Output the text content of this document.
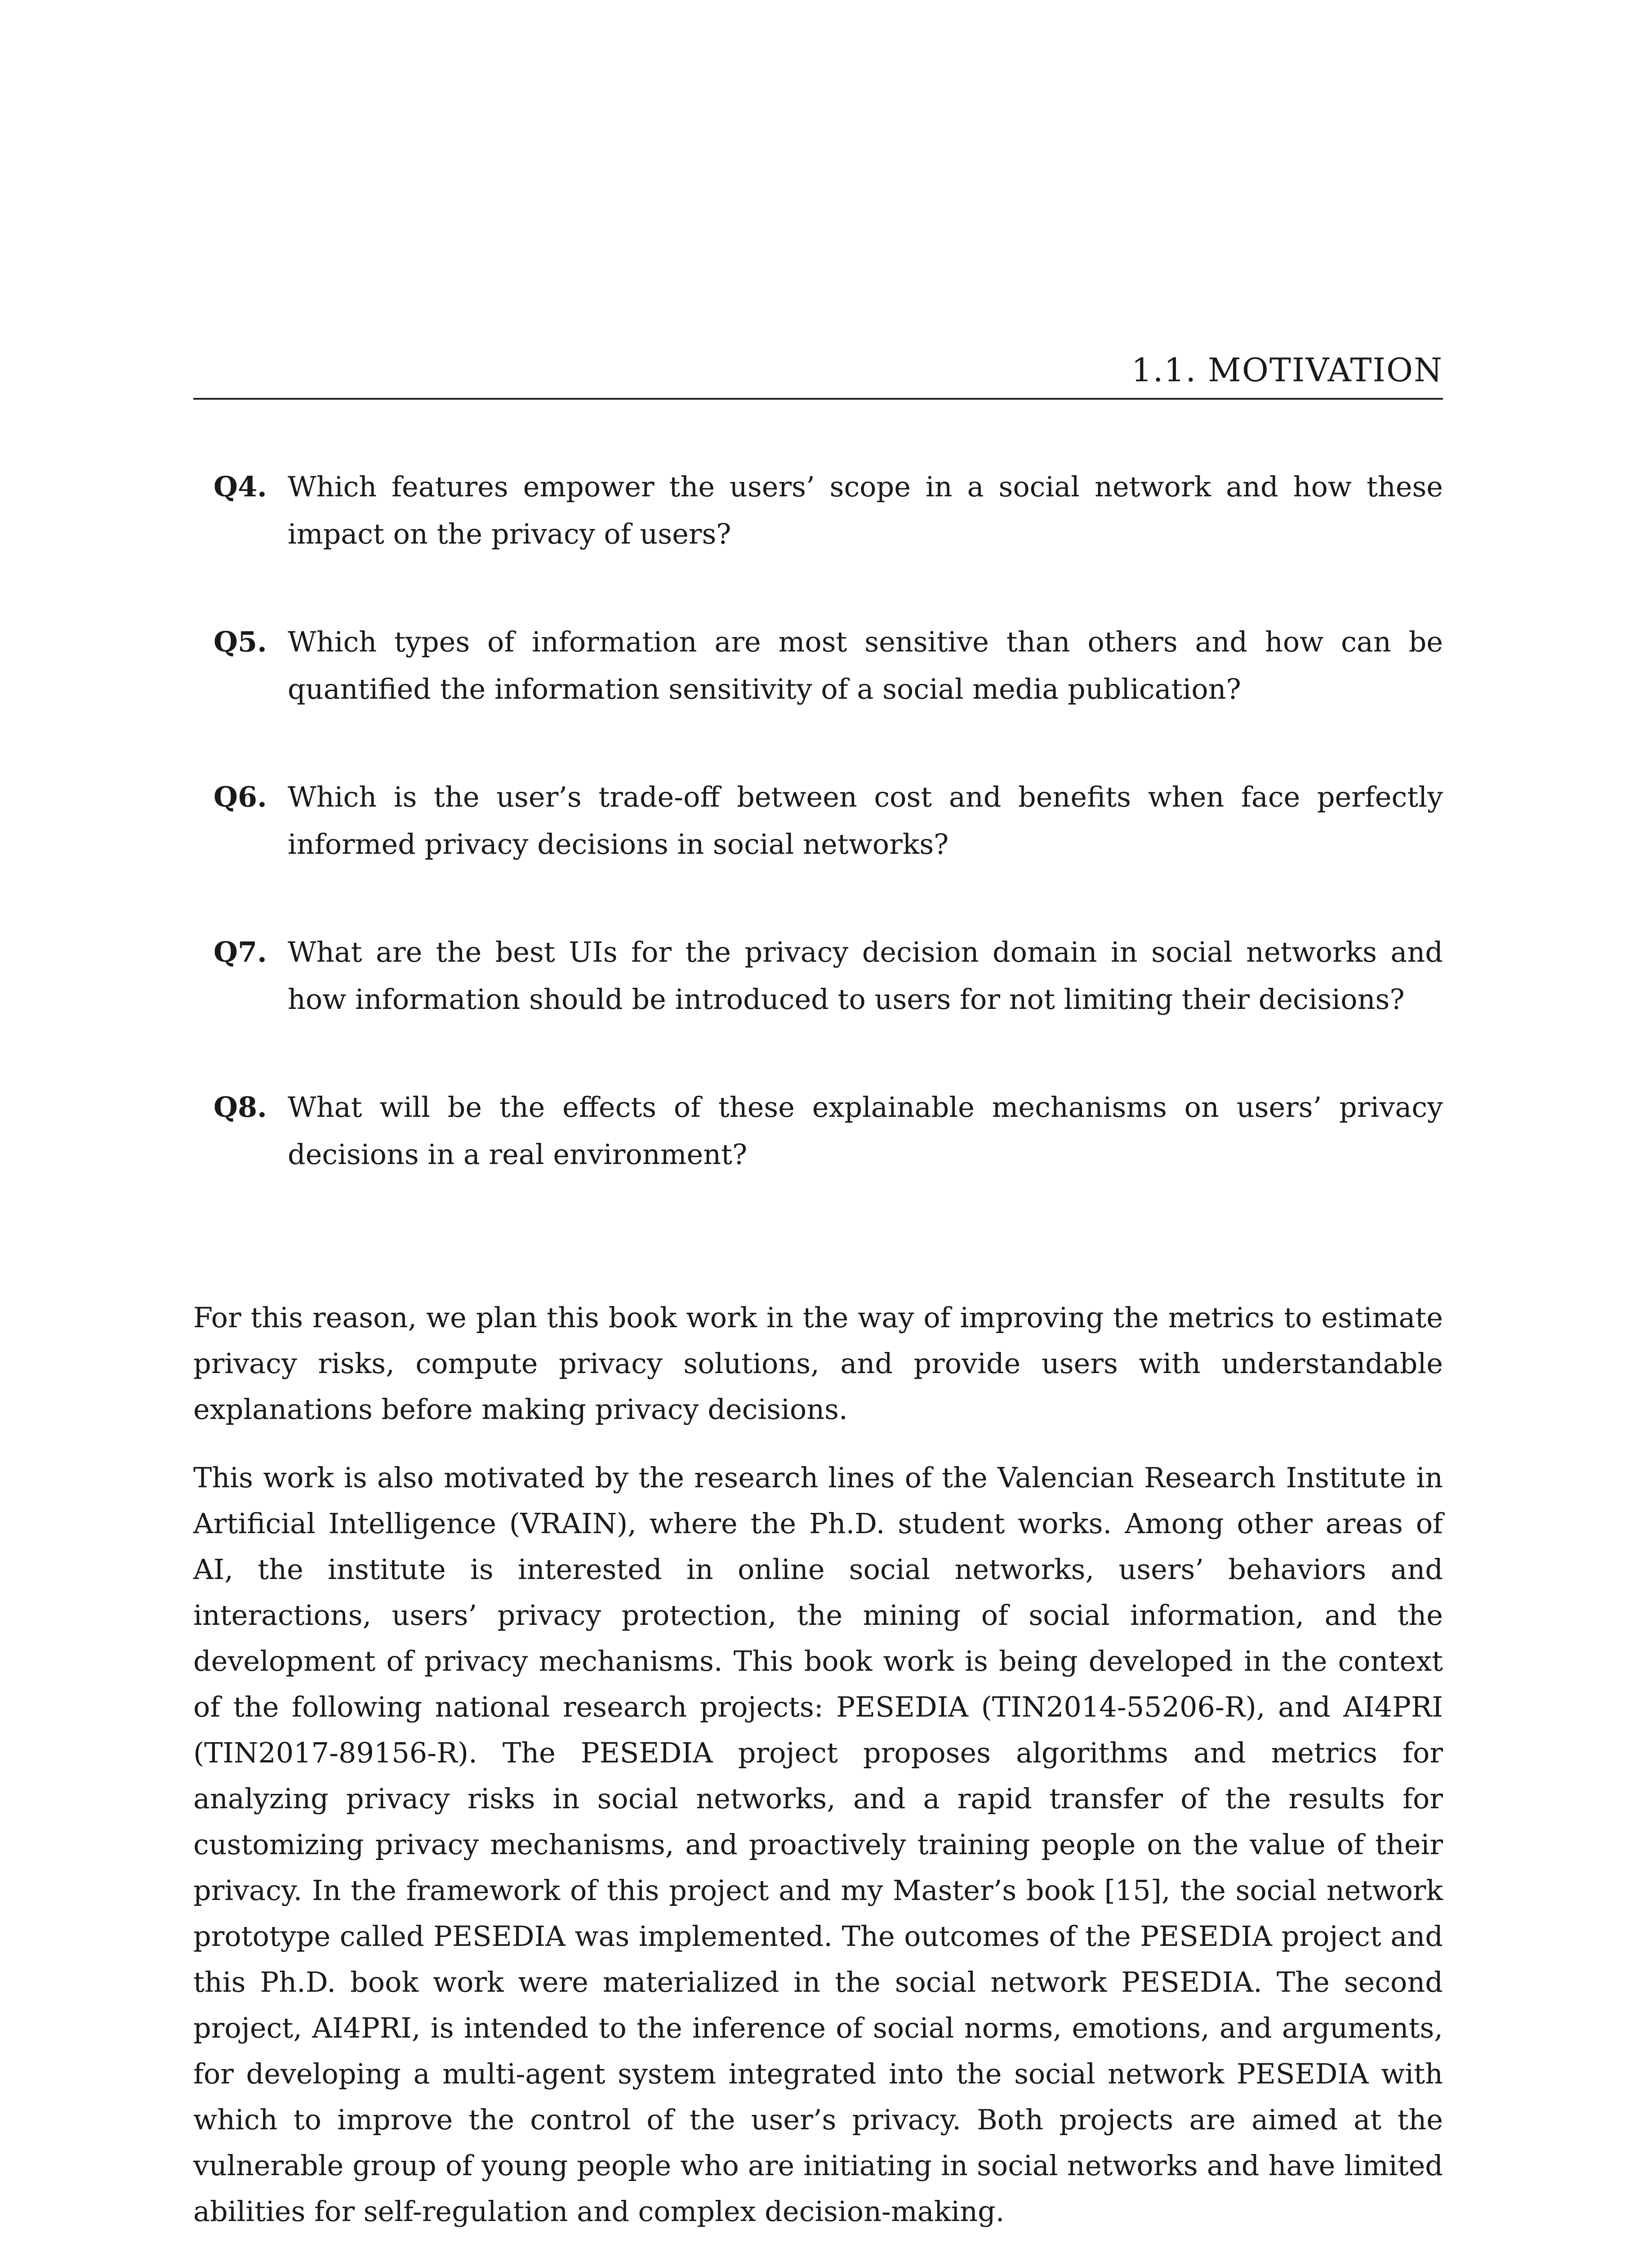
1.1. MOTIVATION
Q4. Which features empower the users’ scope in a social network and how these impact on the privacy of users?
Q5. Which types of information are most sensitive than others and how can be quantified the information sensitivity of a social media publication?
Q6. Which is the user’s trade-off between cost and benefits when face perfectly informed privacy decisions in social networks?
Q7. What are the best UIs for the privacy decision domain in social networks and how information should be introduced to users for not limiting their decisions?
Q8. What will be the effects of these explainable mechanisms on users’ privacy decisions in a real environment?

For this reason, we plan this book work in the way of improving the metrics to estimate privacy risks, compute privacy solutions, and provide users with understandable explanations before making privacy decisions.

This work is also motivated by the research lines of the Valencian Research Institute in Artificial Intelligence (VRAIN), where the Ph.D. student works. Among other areas of AI, the institute is interested in online social networks, users’ behaviors and interactions, users’ privacy protection, the mining of social information, and the development of privacy mechanisms. This book work is being developed in the context of the following national research projects: PESEDIA (TIN2014-55206-R), and AI4PRI (TIN2017-89156-R). The PESEDIA project proposes algorithms and metrics for analyzing privacy risks in social networks, and a rapid transfer of the results for customizing privacy mechanisms, and proactively training people on the value of their privacy. In the framework of this project and my Master’s book [15], the social network prototype called PESEDIA was implemented. The outcomes of the PESEDIA project and this Ph.D. book work were materialized in the social network PESEDIA. The second project, AI4PRI, is intended to the inference of social norms, emotions, and arguments, for developing a multi-agent system integrated into the social network PESEDIA with which to improve the control of the user’s privacy. Both projects are aimed at the vulnerable group of young people who are initiating in social networks and have limited abilities for self-regulation and complex decision-making.
